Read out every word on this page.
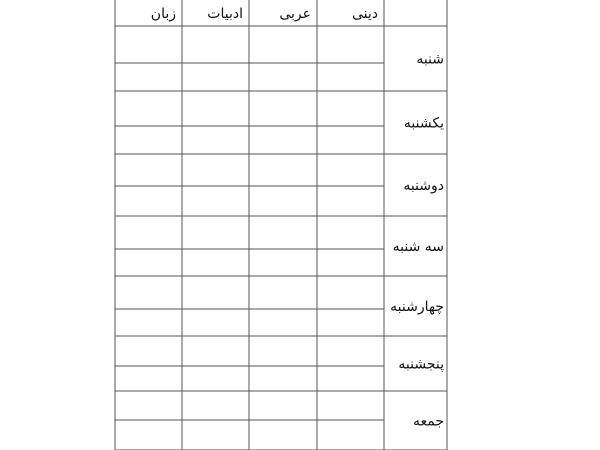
زبان ادبیات	عربی	دینی
شنبه
یکشنبه
دوشنبه
سه شنبه
چهارشنبه
پنجشنبه
جمعه
